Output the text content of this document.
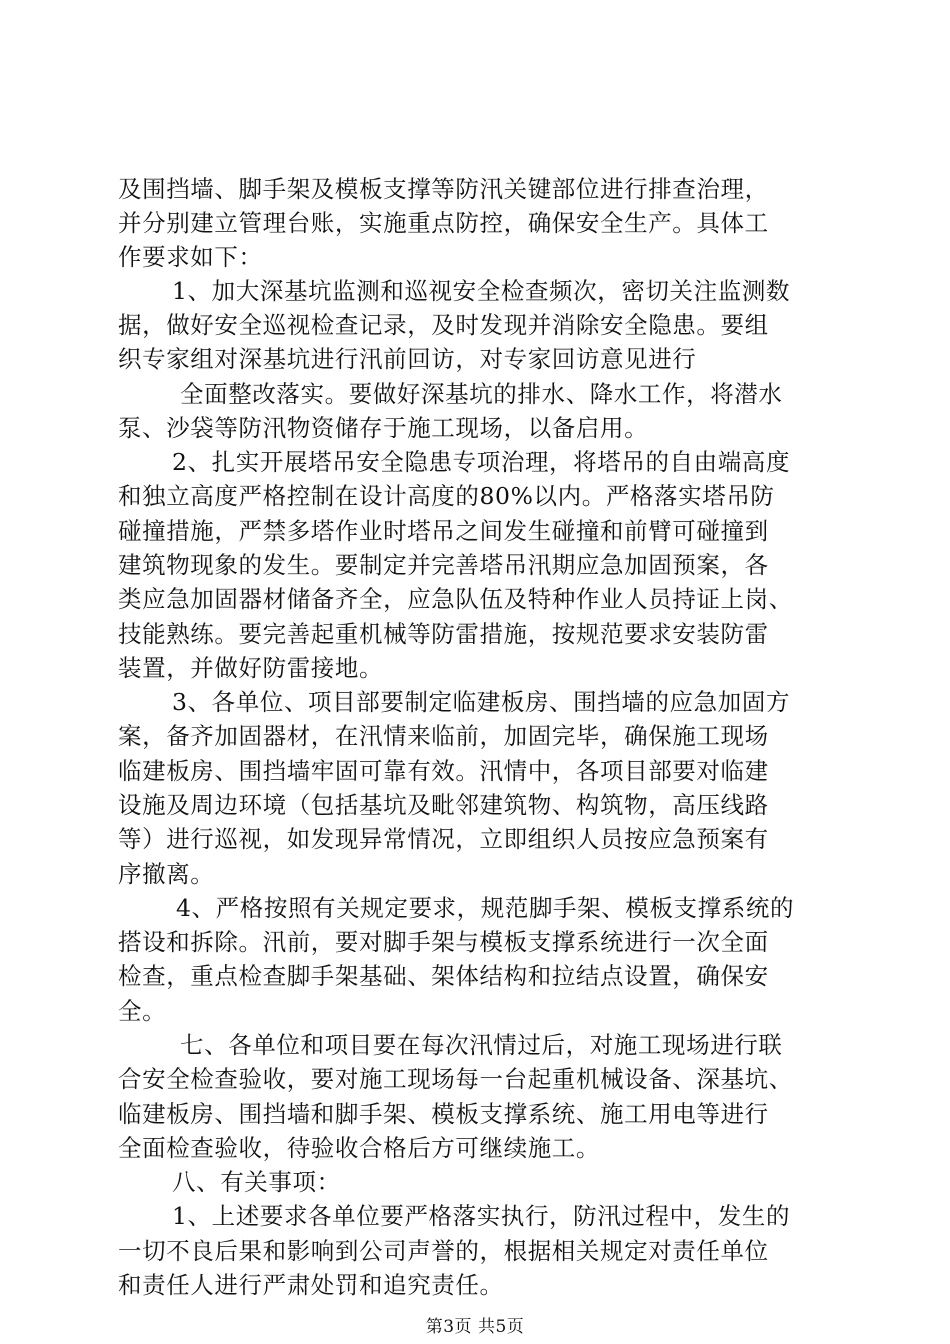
及围挡墙、脚手架及模板支撑等防汛关键部位进行排查治理，
并分别建立管理台账，实施重点防控，确保安全生产。具体工
作要求如下：
1、加大深基坑监测和巡视安全检查频次，密切关注监测数
据，做好安全巡视检查记录，及时发现并消除安全隐患。要组
织专家组对深基坑进行汛前回访，对专家回访意见进行
全面整改落实。要做好深基坑的排水、降水工作，将潜水
泵、沙袋等防汛物资储存于施工现场，以备启用。
2、扎实开展塔吊安全隐患专项治理，将塔吊的自由端高度
和独立高度严格控制在设计高度的80%以内。严格落实塔吊防
碰撞措施，严禁多塔作业时塔吊之间发生碰撞和前臂可碰撞到
建筑物现象的发生。要制定并完善塔吊汛期应急加固预案，各
类应急加固器材储备齐全，应急队伍及特种作业人员持证上岗、
技能熟练。要完善起重机械等防雷措施，按规范要求安装防雷
装置，并做好防雷接地。
3、各单位、项目部要制定临建板房、围挡墙的应急加固方
案，备齐加固器材，在汛情来临前，加固完毕，确保施工现场
临建板房、围挡墙牢固可靠有效。汛情中，各项目部要对临建
设施及周边环境（包括基坑及毗邻建筑物、构筑物，高压线路
等）进行巡视，如发现异常情况，立即组织人员按应急预案有
序撤离。
4、严格按照有关规定要求，规范脚手架、模板支撑系统的
搭设和拆除。汛前，要对脚手架与模板支撑系统进行一次全面
检查，重点检查脚手架基础、架体结构和拉结点设置，确保安
全。
七、各单位和项目要在每次汛情过后，对施工现场进行联
合安全检查验收，要对施工现场每一台起重机械设备、深基坑、
临建板房、围挡墙和脚手架、模板支撑系统、施工用电等进行
全面检查验收，待验收合格后方可继续施工。
八、有关事项：
1、上述要求各单位要严格落实执行，防汛过程中，发生的
一切不良后果和影响到公司声誉的，根据相关规定对责任单位
和责任人进行严肃处罚和追究责任。
第3页 共5页
